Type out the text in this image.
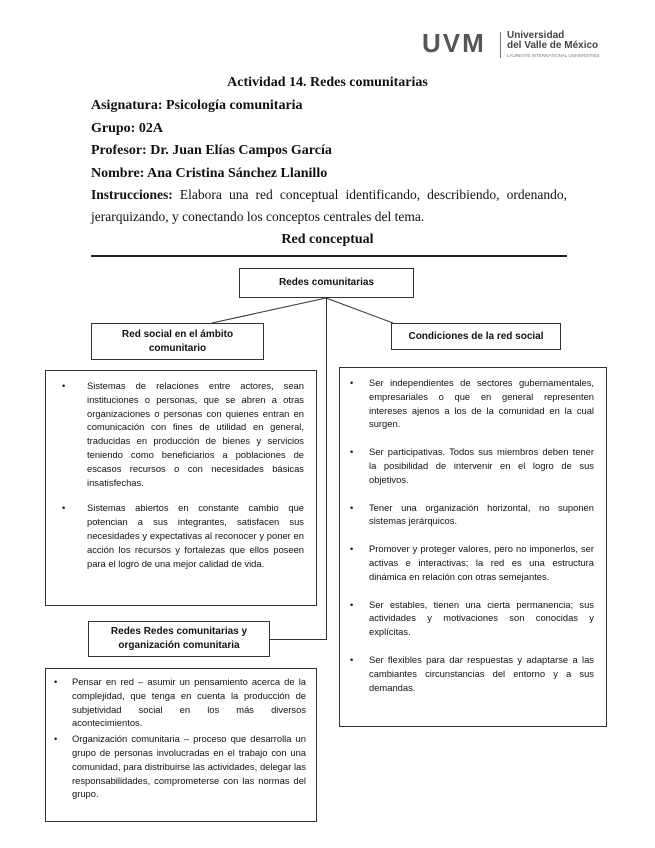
UVM Universidad
del Valle de México
LAUREATE INTERNATIONAL UNIVERSITIES
Actividad 14. Redes comunitarias
Asignatura: Psicología comunitaria
Grupo: 02A
Profesor: Dr. Juan Elías Campos García
Nombre: Ana Cristina Sánchez Llanillo
Instrucciones: Elabora una red conceptual identificando, describiendo, ordenando, jerarquizando, y conectando los conceptos centrales del tema.
Red conceptual
Redes comunitarias
Red social en el ámbito comunitario
Condiciones de la red social
• Sistemas de relaciones entre actores, sean instituciones o personas, que se abren a otras organizaciones o personas con quienes entran en comunicación con fines de utilidad en general, traducidas en producción de bienes y servicios teniendo como beneficiarios a poblaciones de escasos recursos o con necesidades básicas insatisfechas.
• Sistemas abiertos en constante cambio que potencian a sus integrantes, satisfacen sus necesidades y expectativas al reconocer y poner en acción los recursos y fortalezas que ellos poseen para el logro de una mejor calidad de vida.
• Ser independientes de sectores gubernamentales, empresariales o que en general representen intereses ajenos a los de la comunidad en la cual surgen.
• Ser participativas. Todos sus miembros deben tener la posibilidad de intervenir en el logro de sus objetivos.
• Tener una organización horizontal, no suponen sistemas jerárquicos.
• Promover y proteger valores, pero no imponerlos, ser activas e interactivas; la red es una estructura dinámica en relación con otras semejantes.
• Ser estables, tienen una cierta permanencia; sus actividades y motivaciones son conocidas y explícitas.
• Ser flexibles para dar respuestas y adaptarse a las cambiantes circunstancias del entorno y a sus demandas.
Redes Redes comunitarias y organización comunitaria
• Pensar en red – asumir un pensamiento acerca de la complejidad, que tenga en cuenta la producción de subjetividad social en los más diversos acontecimientos.
• Organización comunitaria – proceso que desarrolla un grupo de personas involucradas en el trabajo con una comunidad, para distribuirse las actividades, delegar las responsabilidades, comprometerse con las normas del grupo.
